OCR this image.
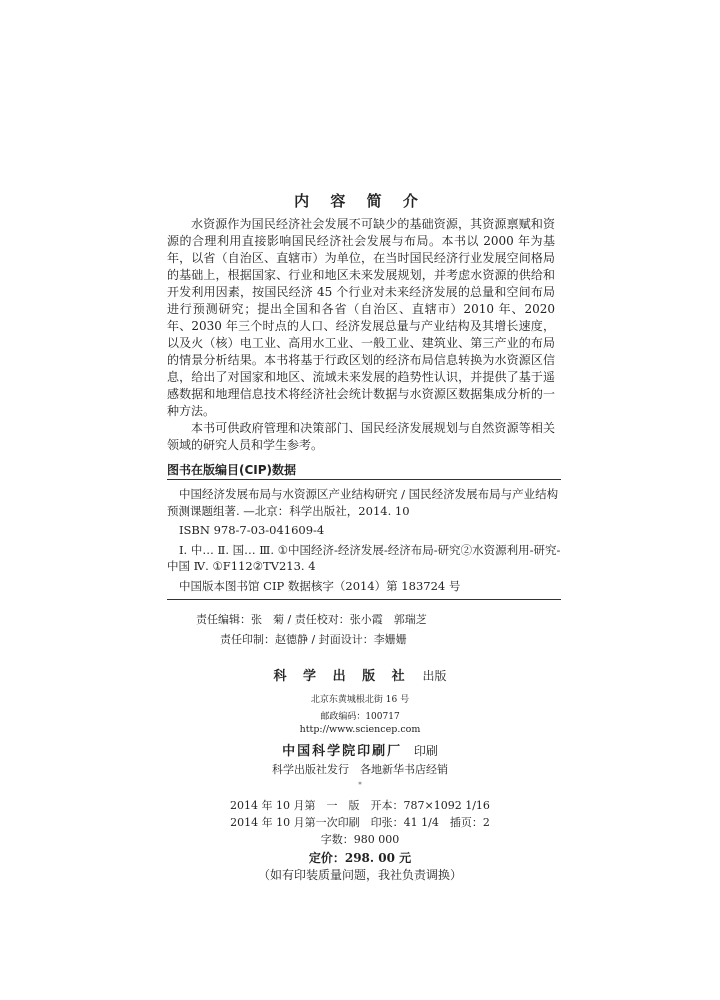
内 容 简 介

水资源作为国民经济社会发展不可缺少的基础资源，其资源禀赋和资源的合理利用直接影响国民经济社会发展与布局。本书以 2000 年为基年，以省（自治区、直辖市）为单位，在当时国民经济行业发展空间格局的基础上，根据国家、行业和地区未来发展规划，并考虑水资源的供给和开发利用因素，按国民经济 45 个行业对未来经济发展的总量和空间布局进行预测研究；提出全国和各省（自治区、直辖市）2010 年、2020 年、2030 年三个时点的人口、经济发展总量与产业结构及其增长速度，以及火（核）电工业、高用水工业、一般工业、建筑业、第三产业的布局的情景分析结果。本书将基于行政区划的经济布局信息转换为水资源区信息，给出了对国家和地区、流域未来发展的趋势性认识，并提供了基于遥感数据和地理信息技术将经济社会统计数据与水资源区数据集成分析的一种方法。

本书可供政府管理和决策部门、国民经济发展规划与自然资源等相关领域的研究人员和学生参考。

图书在版编目(CIP)数据
中国经济发展布局与水资源区产业结构研究 / 国民经济发展布局与产业结构预测课题组著. —北京：科学出版社，2014. 10
ISBN 978-7-03-041609-4
Ⅰ. 中… Ⅱ. 国… Ⅲ. ①中国经济-经济发展-经济布局-研究②水资源利用-研究-中国 Ⅳ. ①F112②TV213. 4
中国版本图书馆 CIP 数据核字（2014）第 183724 号
责任编辑：张　菊 / 责任校对：张小霞　郭瑞芝
责任印制：赵德静 / 封面设计：李姗姗
科 学 出 版 社 出版
北京东黄城根北街 16 号
邮政编码：100717
http://www.sciencep.com
中国科学院印刷厂 印刷
科学出版社发行　各地新华书店经销
*
2014 年 10 月第　一　版　开本：787×1092 1/16
2014 年 10 月第一次印刷　印张：41 1/4　插页：2
字数：980 000
定价：298. 00 元
（如有印装质量问题，我社负责调换）
